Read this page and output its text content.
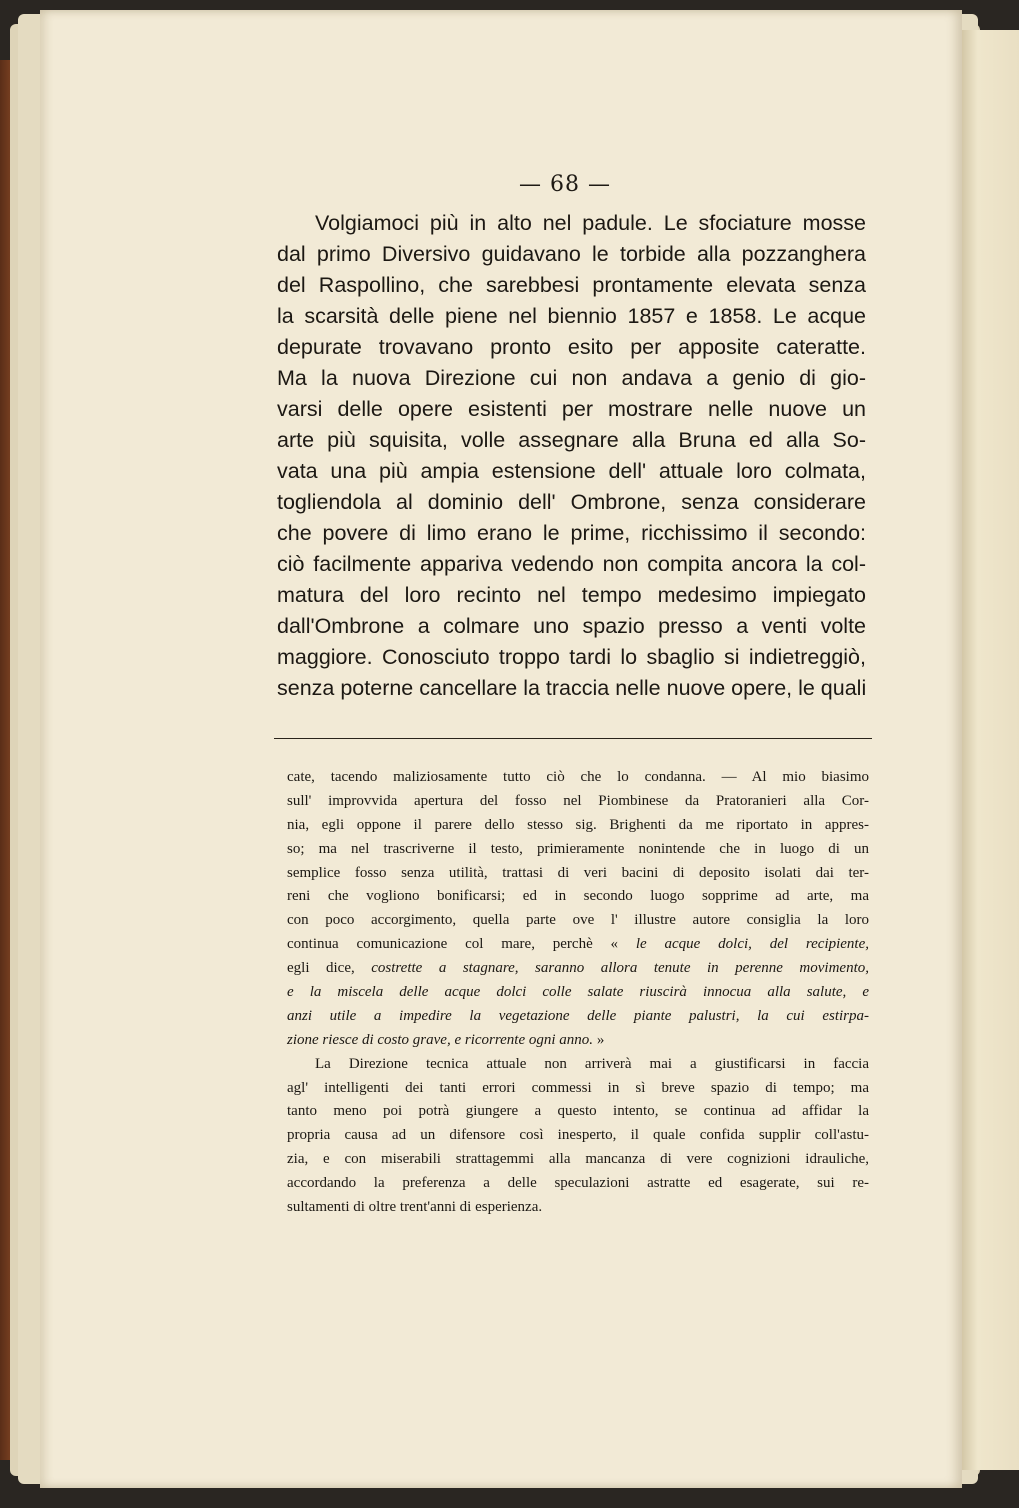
— 68 —
Volgiamoci più in alto nel padule. Le sfociature mosse
dal primo Diversivo guidavano le torbide alla pozzanghera
del Raspollino, che sarebbesi prontamente elevata senza
la scarsità delle piene nel biennio 1857 e 1858. Le acque
depurate trovavano pronto esito per apposite cateratte.
Ma la nuova Direzione cui non andava a genio di gio-
varsi delle opere esistenti per mostrare nelle nuove un
arte più squisita, volle assegnare alla Bruna ed alla So-
vata una più ampia estensione dell' attuale loro colmata,
togliendola al dominio dell' Ombrone, senza considerare
che povere di limo erano le prime, ricchissimo il secondo:
ciò facilmente appariva vedendo non compita ancora la col-
matura del loro recinto nel tempo medesimo impiegato
dall'Ombrone a colmare uno spazio presso a venti volte
maggiore. Conosciuto troppo tardi lo sbaglio si indietreggiò,
senza poterne cancellare la traccia nelle nuove opere, le quali
cate, tacendo maliziosamente tutto ciò che lo condanna. — Al mio biasimo
sull' improvvida apertura del fosso nel Piombinese da Pratoranieri alla Cor-
nia, egli oppone il parere dello stesso sig. Brighenti da me riportato in appres-
so; ma nel trascriverne il testo, primieramente nonintende che in luogo di un
semplice fosso senza utilità, trattasi di veri bacini di deposito isolati dai ter-
reni che vogliono bonificarsi; ed in secondo luogo sopprime ad arte, ma
con poco accorgimento, quella parte ove l' illustre autore consiglia la loro
continua comunicazione col mare, perchè « le acque dolci, del recipiente,
egli dice, costrette a stagnare, saranno allora tenute in perenne movimento,
e la miscela delle acque dolci colle salate riuscirà innocua alla salute, e
anzi utile a impedire la vegetazione delle piante palustri, la cui estirpa-
zione riesce di costo grave, e ricorrente ogni anno. »
La Direzione tecnica attuale non arriverà mai a giustificarsi in faccia
agl' intelligenti dei tanti errori commessi in sì breve spazio di tempo; ma
tanto meno poi potrà giungere a questo intento, se continua ad affidar la
propria causa ad un difensore così inesperto, il quale confida supplir coll'astu-
zia, e con miserabili strattagemmi alla mancanza di vere cognizioni idrauliche,
accordando la preferenza a delle speculazioni astratte ed esagerate, sui re-
sultamenti di oltre trent'anni di esperienza.
